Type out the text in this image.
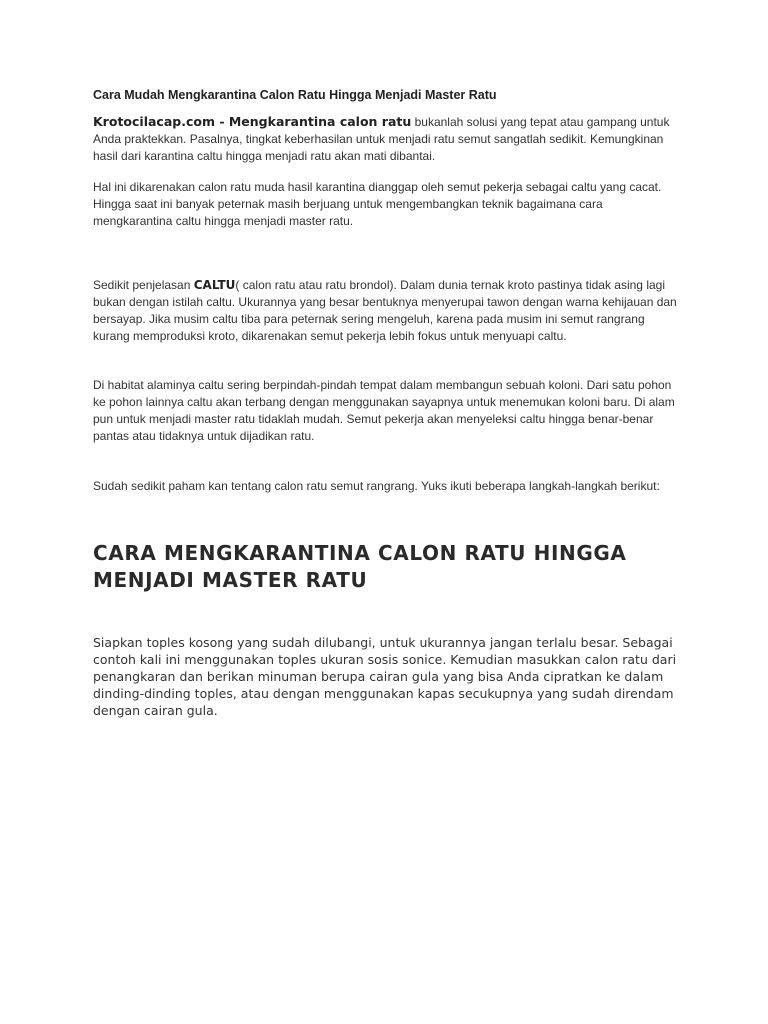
Cara Mudah Mengkarantina Calon Ratu Hingga Menjadi Master Ratu

Krotocilacap.com - Mengkarantina calon ratu bukanlah solusi yang tepat atau gampang untuk Anda praktekkan. Pasalnya, tingkat keberhasilan untuk menjadi ratu semut sangatlah sedikit. Kemungkinan hasil dari karantina caltu hingga menjadi ratu akan mati dibantai.

Hal ini dikarenakan calon ratu muda hasil karantina dianggap oleh semut pekerja sebagai caltu yang cacat. Hingga saat ini banyak peternak masih berjuang untuk mengembangkan teknik bagaimana cara mengkarantina caltu hingga menjadi master ratu.

Sedikit penjelasan CALTU( calon ratu atau ratu brondol). Dalam dunia ternak kroto pastinya tidak asing lagi bukan dengan istilah caltu. Ukurannya yang besar bentuknya menyerupai tawon dengan warna kehijauan dan bersayap. Jika musim caltu tiba para peternak sering mengeluh, karena pada musim ini semut rangrang kurang memproduksi kroto, dikarenakan semut pekerja lebih fokus untuk menyuapi caltu.

Di habitat alaminya caltu sering berpindah-pindah tempat dalam membangun sebuah koloni. Dari satu pohon ke pohon lainnya caltu akan terbang dengan menggunakan sayapnya untuk menemukan koloni baru. Di alam pun untuk menjadi master ratu tidaklah mudah. Semut pekerja akan menyeleksi caltu hingga benar-benar pantas atau tidaknya untuk dijadikan ratu.

Sudah sedikit paham kan tentang calon ratu semut rangrang. Yuks ikuti beberapa langkah-langkah berikut:

CARA MENGKARANTINA CALON RATU HINGGA MENJADI MASTER RATU

Siapkan toples kosong yang sudah dilubangi, untuk ukurannya jangan terlalu besar. Sebagai contoh kali ini menggunakan toples ukuran sosis sonice. Kemudian masukkan calon ratu dari penangkaran dan berikan minuman berupa cairan gula yang bisa Anda cipratkan ke dalam dinding-dinding toples, atau dengan menggunakan kapas secukupnya yang sudah direndam dengan cairan gula.
